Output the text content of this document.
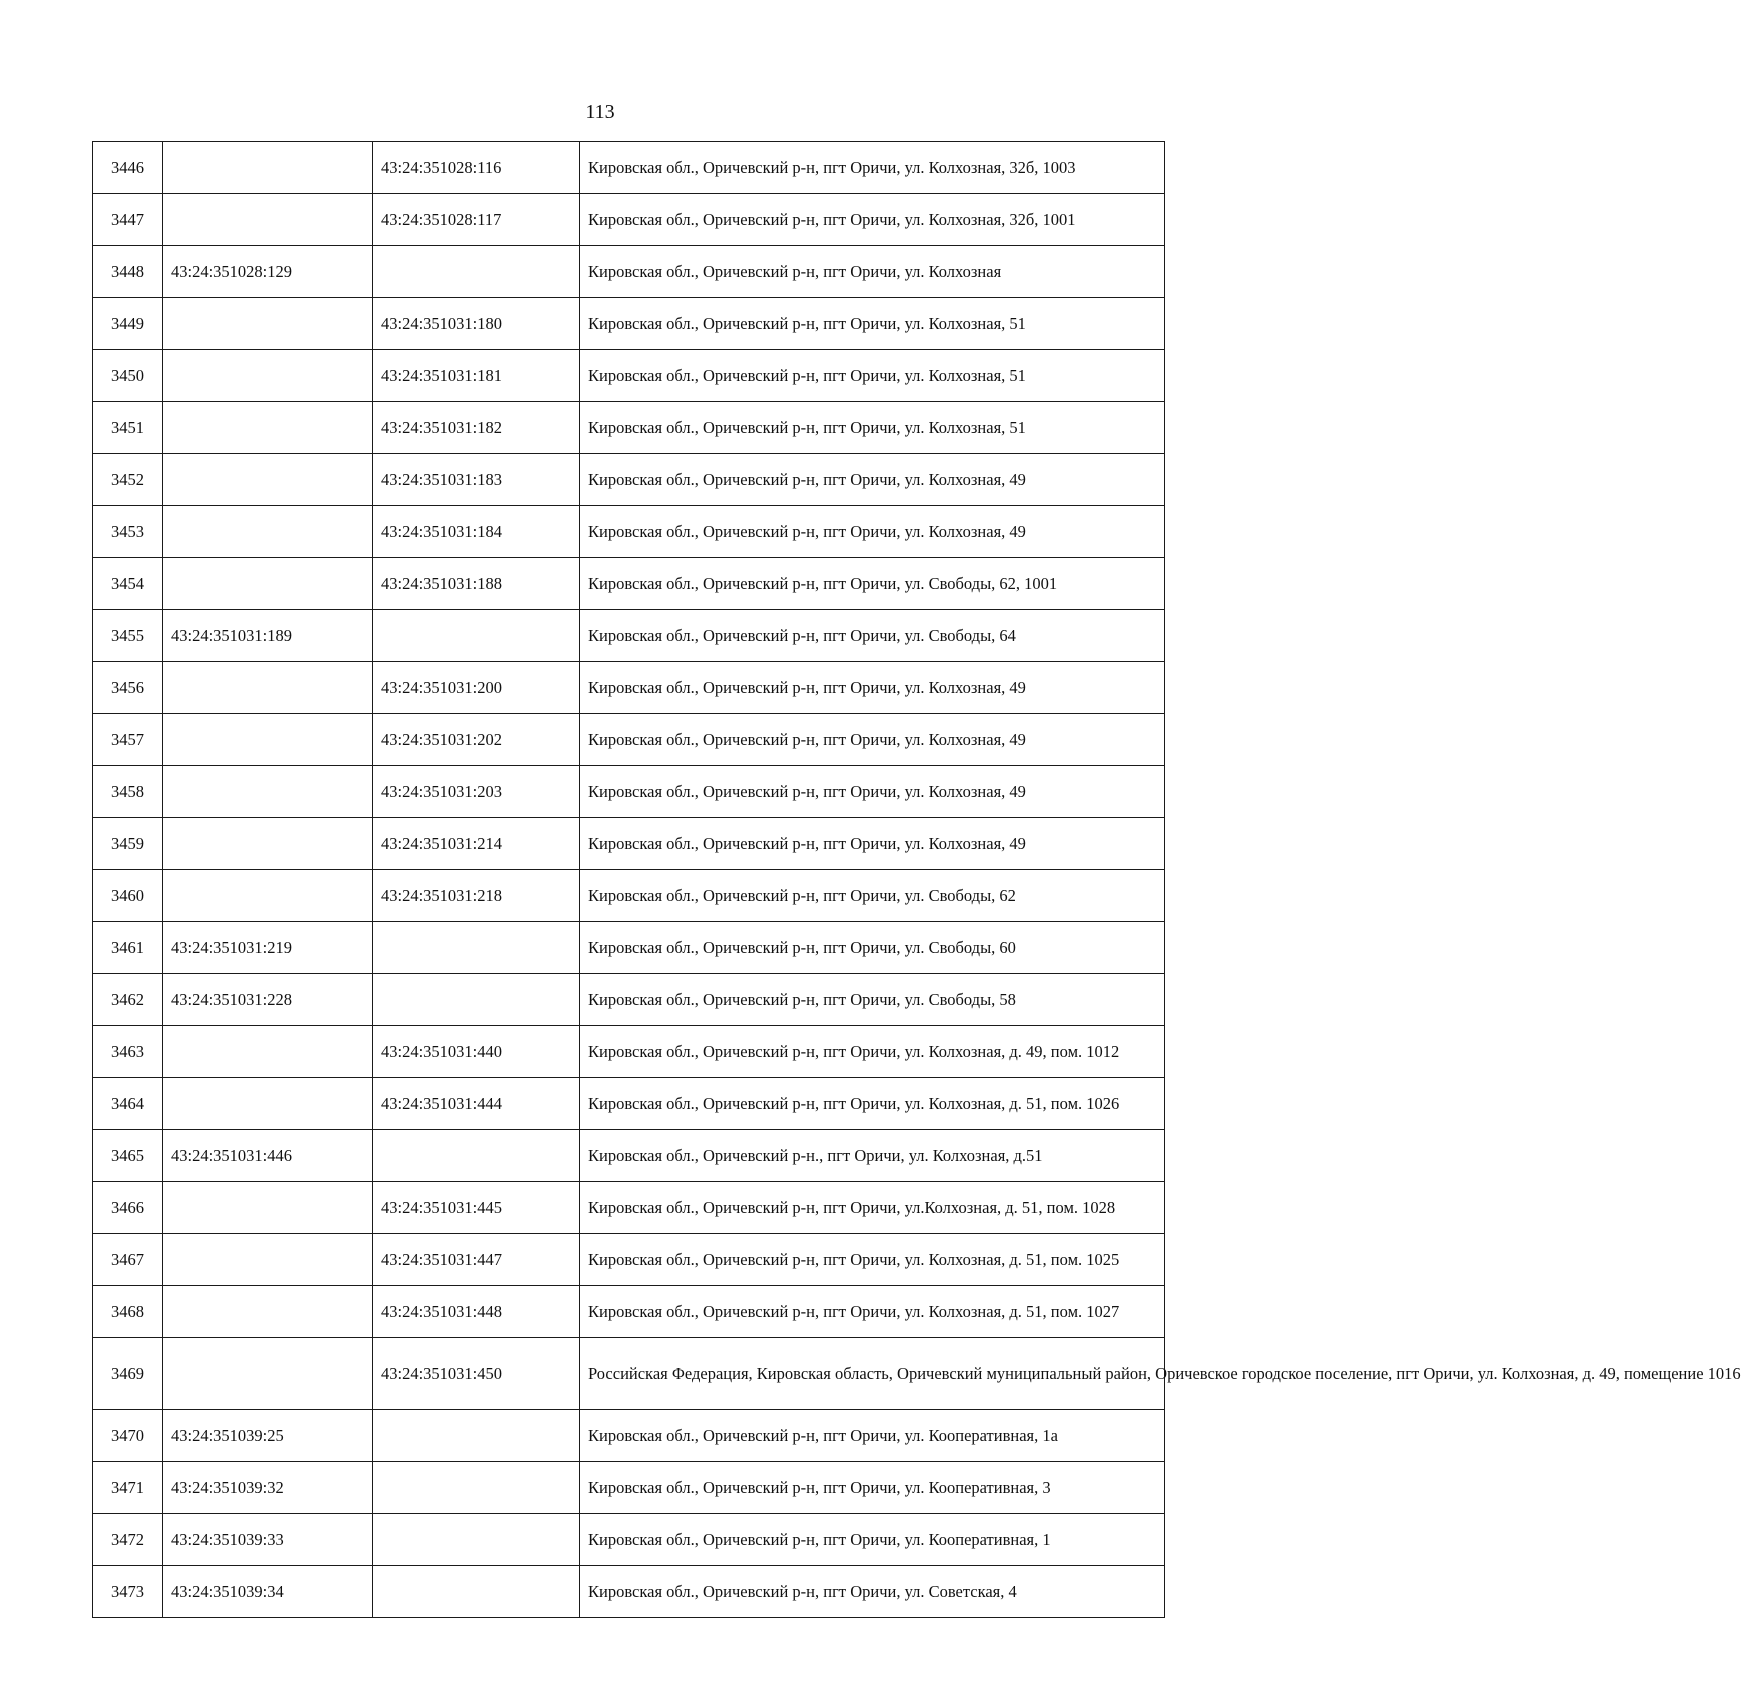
113
3446		43:24:351028:116	Кировская обл., Оричевский р-н, пгт Оричи, ул. Колхозная, 32б, 1003
3447		43:24:351028:117	Кировская обл., Оричевский р-н, пгт Оричи, ул. Колхозная, 32б, 1001
3448	43:24:351028:129		Кировская обл., Оричевский р-н, пгт Оричи, ул. Колхозная
3449		43:24:351031:180	Кировская обл., Оричевский р-н, пгт Оричи, ул. Колхозная, 51
3450		43:24:351031:181	Кировская обл., Оричевский р-н, пгт Оричи, ул. Колхозная, 51
3451		43:24:351031:182	Кировская обл., Оричевский р-н, пгт Оричи, ул. Колхозная, 51
3452		43:24:351031:183	Кировская обл., Оричевский р-н, пгт Оричи, ул. Колхозная, 49
3453		43:24:351031:184	Кировская обл., Оричевский р-н, пгт Оричи, ул. Колхозная, 49
3454		43:24:351031:188	Кировская обл., Оричевский р-н, пгт Оричи, ул. Свободы, 62, 1001
3455	43:24:351031:189		Кировская обл., Оричевский р-н, пгт Оричи, ул. Свободы, 64
3456		43:24:351031:200	Кировская обл., Оричевский р-н, пгт Оричи, ул. Колхозная, 49
3457		43:24:351031:202	Кировская обл., Оричевский р-н, пгт Оричи, ул. Колхозная, 49
3458		43:24:351031:203	Кировская обл., Оричевский р-н, пгт Оричи, ул. Колхозная, 49
3459		43:24:351031:214	Кировская обл., Оричевский р-н, пгт Оричи, ул. Колхозная, 49
3460		43:24:351031:218	Кировская обл., Оричевский р-н, пгт Оричи, ул. Свободы, 62
3461	43:24:351031:219		Кировская обл., Оричевский р-н, пгт Оричи, ул. Свободы, 60
3462	43:24:351031:228		Кировская обл., Оричевский р-н, пгт Оричи, ул. Свободы, 58
3463		43:24:351031:440	Кировская обл., Оричевский р-н, пгт Оричи, ул. Колхозная, д. 49, пом. 1012
3464		43:24:351031:444	Кировская обл., Оричевский р-н, пгт Оричи, ул. Колхозная, д. 51, пом. 1026
3465	43:24:351031:446		Кировская обл., Оричевский р-н., пгт Оричи, ул. Колхозная, д.51
3466		43:24:351031:445	Кировская обл., Оричевский р-н, пгт Оричи, ул.Колхозная, д. 51, пом. 1028
3467		43:24:351031:447	Кировская обл., Оричевский р-н, пгт Оричи, ул. Колхозная, д. 51, пом. 1025
3468		43:24:351031:448	Кировская обл., Оричевский р-н, пгт Оричи, ул. Колхозная, д. 51, пом. 1027
3469		43:24:351031:450	Российская Федерация, Кировская область, Оричевский муниципальный район, Оричевское городское поселение, пгт Оричи, ул. Колхозная, д. 49, помещение 1016
3470	43:24:351039:25		Кировская обл., Оричевский р-н, пгт Оричи, ул. Кооперативная, 1а
3471	43:24:351039:32		Кировская обл., Оричевский р-н, пгт Оричи, ул. Кооперативная, 3
3472	43:24:351039:33		Кировская обл., Оричевский р-н, пгт Оричи, ул. Кооперативная, 1
3473	43:24:351039:34		Кировская обл., Оричевский р-н, пгт Оричи, ул. Советская, 4
